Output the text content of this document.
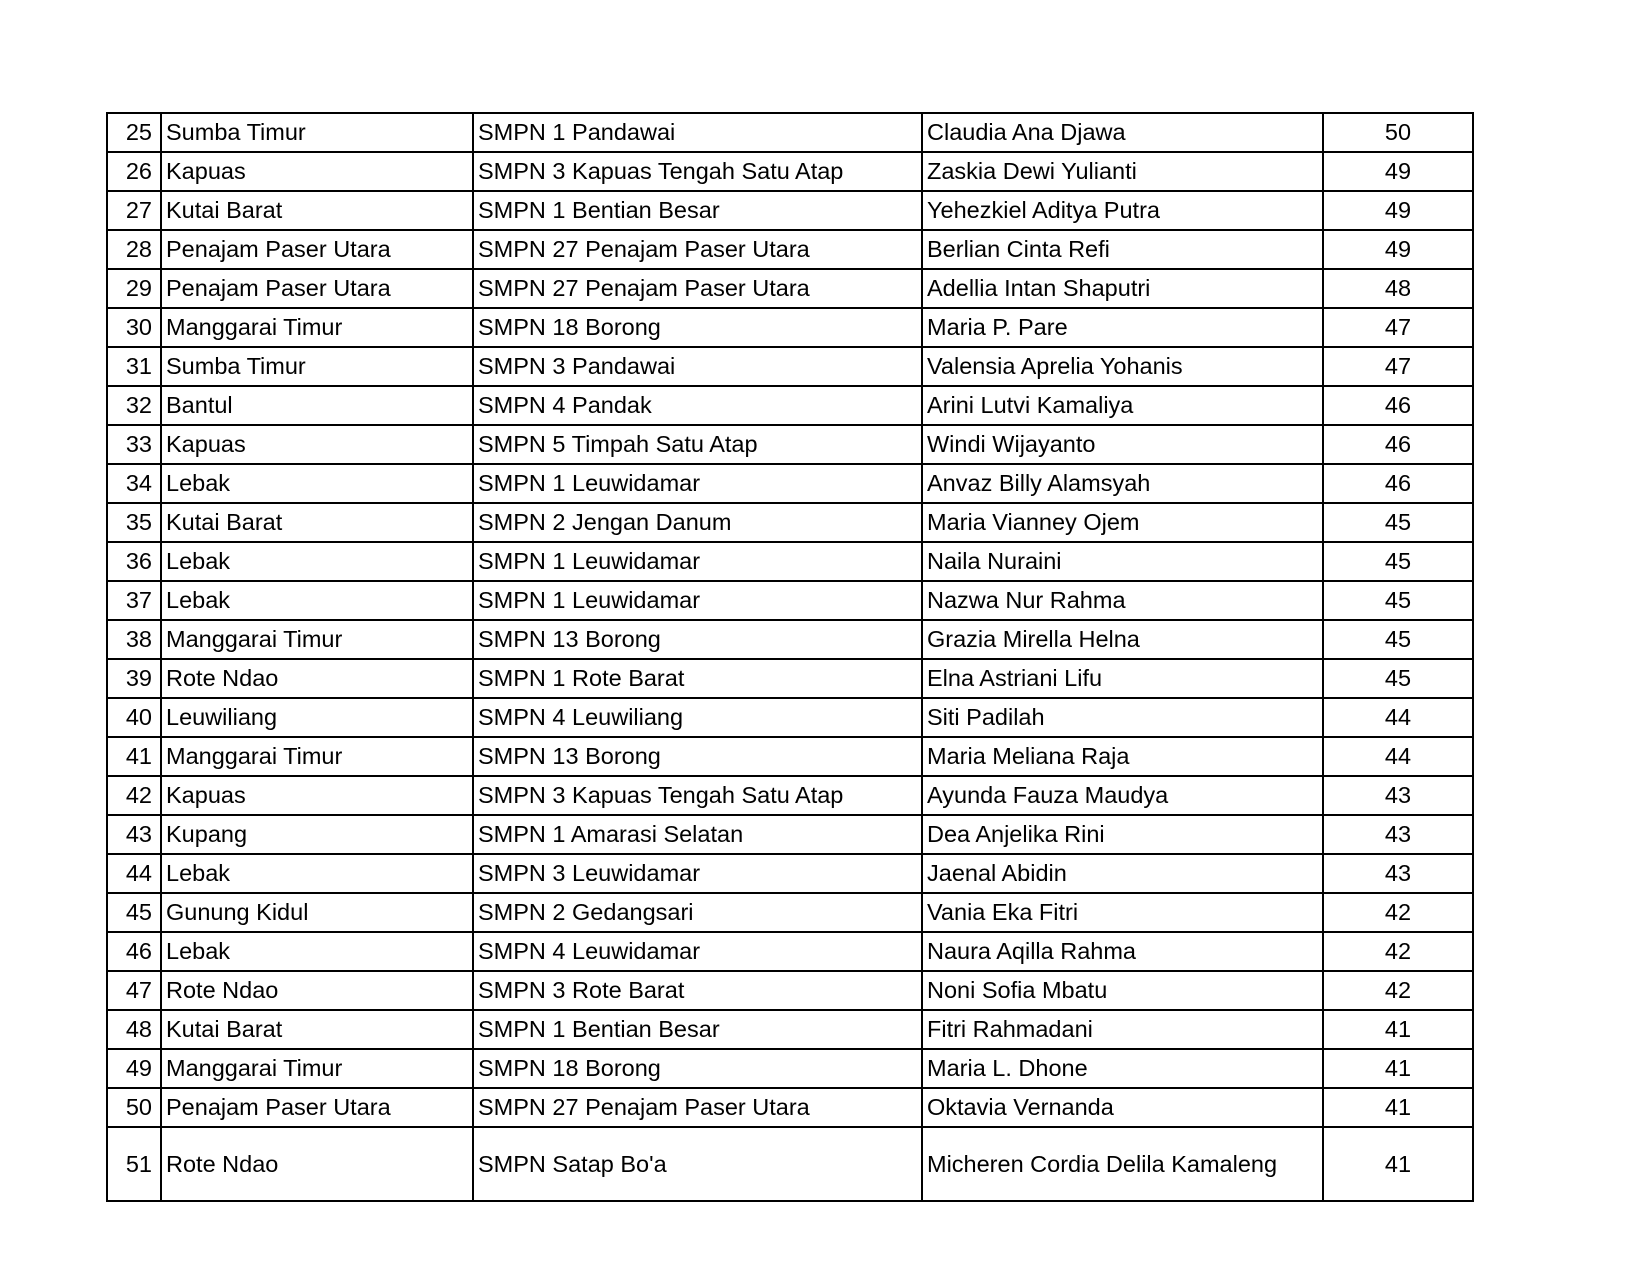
25	Sumba Timur	SMPN 1 Pandawai	Claudia Ana Djawa	50
26	Kapuas	SMPN 3 Kapuas Tengah Satu Atap	Zaskia Dewi Yulianti	49
27	Kutai Barat	SMPN 1 Bentian Besar	Yehezkiel Aditya Putra	49
28	Penajam Paser Utara	SMPN 27 Penajam Paser Utara	Berlian Cinta Refi	49
29	Penajam Paser Utara	SMPN 27 Penajam Paser Utara	Adellia Intan Shaputri	48
30	Manggarai Timur	SMPN 18 Borong	Maria P. Pare	47
31	Sumba Timur	SMPN 3 Pandawai	Valensia Aprelia Yohanis	47
32	Bantul	SMPN 4 Pandak	Arini Lutvi Kamaliya	46
33	Kapuas	SMPN 5 Timpah Satu Atap	Windi Wijayanto	46
34	Lebak	SMPN 1 Leuwidamar	Anvaz Billy Alamsyah	46
35	Kutai Barat	SMPN 2 Jengan Danum	Maria Vianney Ojem	45
36	Lebak	SMPN 1 Leuwidamar	Naila Nuraini	45
37	Lebak	SMPN 1 Leuwidamar	Nazwa Nur Rahma	45
38	Manggarai Timur	SMPN 13 Borong	Grazia Mirella Helna	45
39	Rote Ndao	SMPN 1 Rote Barat	Elna Astriani Lifu	45
40	Leuwiliang	SMPN 4 Leuwiliang	Siti Padilah	44
41	Manggarai Timur	SMPN 13 Borong	Maria Meliana Raja	44
42	Kapuas	SMPN 3 Kapuas Tengah Satu Atap	Ayunda Fauza Maudya	43
43	Kupang	SMPN 1 Amarasi Selatan	Dea Anjelika Rini	43
44	Lebak	SMPN 3 Leuwidamar	Jaenal Abidin	43
45	Gunung Kidul	SMPN 2 Gedangsari	Vania Eka Fitri	42
46	Lebak	SMPN 4 Leuwidamar	Naura Aqilla Rahma	42
47	Rote Ndao	SMPN 3 Rote Barat	Noni Sofia Mbatu	42
48	Kutai Barat	SMPN 1 Bentian Besar	Fitri Rahmadani	41
49	Manggarai Timur	SMPN 18 Borong	Maria L. Dhone	41
50	Penajam Paser Utara	SMPN 27 Penajam Paser Utara	Oktavia Vernanda	41
51	Rote Ndao	SMPN Satap Bo'a	Micheren Cordia Delila Kamaleng	41
